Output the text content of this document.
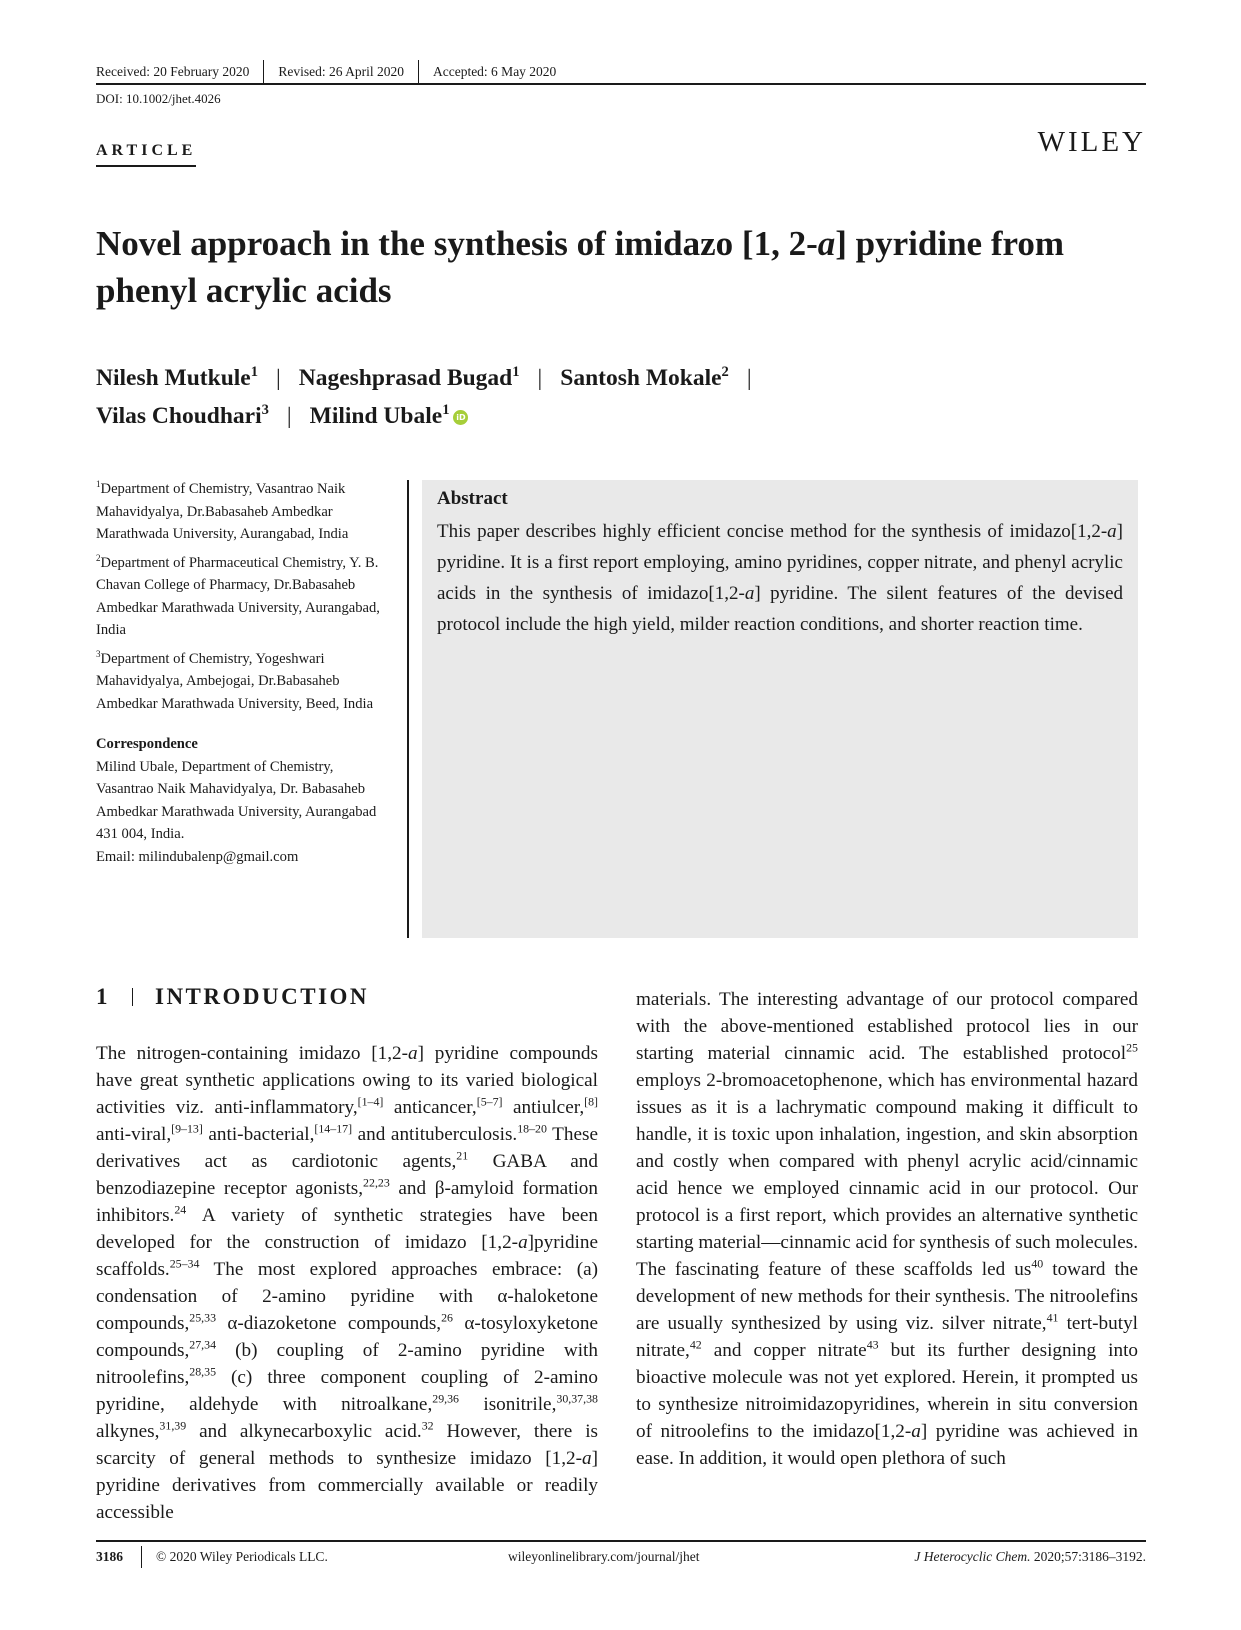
Received: 20 February 2020	Revised: 26 April 2020	Accepted: 6 May 2020
DOI: 10.1002/jhet.4026
ARTICLE	WILEY
Novel approach in the synthesis of imidazo [1, 2-a] pyridine from phenyl acrylic acids
Nilesh Mutkule$^1$ | Nageshprasad Bugad$^1$ | Santosh Mokale$^2$ |
Vilas Choudhari$^3$ | Milind Ubale$^1$ iD

$^1$Department of Chemistry, Vasantrao Naik Mahavidyalya, Dr.Babasaheb Ambedkar Marathwada University, Aurangabad, India

$^2$Department of Pharmaceutical Chemistry, Y. B. Chavan College of Pharmacy, Dr.Babasaheb Ambedkar Marathwada University, Aurangabad, India

$^3$Department of Chemistry, Yogeshwari Mahavidyalya, Ambejogai, Dr.Babasaheb Ambedkar Marathwada University, Beed, India

Correspondence

Milind Ubale, Department of Chemistry, Vasantrao Naik Mahavidyalya, Dr. Babasaheb Ambedkar Marathwada University, Aurangabad 431 004, India.
Email: milindubalenp@gmail.com

Abstract

This paper describes highly efficient concise method for the synthesis of imidazo[1,2-a] pyridine. It is a first report employing, amino pyridines, copper nitrate, and phenyl acrylic acids in the synthesis of imidazo[1,2-a] pyridine. The silent features of the devised protocol include the high yield, milder reaction conditions, and shorter reaction time.

1 INTRODUCTION

The nitrogen-containing imidazo [1,2-a] pyridine compounds have great synthetic applications owing to its varied biological activities viz. anti-inflammatory,[1–4] anticancer,[5–7] antiulcer,[8] anti-viral,[9–13] anti-bacterial,[14–17] and antituberculosis.$^{18-20}$ These derivatives act as cardiotonic agents,$^{21}$ GABA and benzodiazepine receptor agonists,$^{22,23}$ and β-amyloid formation inhibitors.$^{24}$ A variety of synthetic strategies have been developed for the construction of imidazo [1,2-a]pyridine scaffolds.$^{25-34}$ The most explored approaches embrace: (a) condensation of 2-amino pyridine with α-haloketone compounds,$^{25,33}$ α-diazoketone compounds,$^{26}$ α-tosyloxyketone compounds,$^{27,34}$ (b) coupling of 2-amino pyridine with nitroolefins,$^{28,35}$ (c) three component coupling of 2-amino pyridine, aldehyde with nitroalkane,$^{29,36}$ isonitrile,$^{30,37,38}$ alkynes,$^{31,39}$ and alkynecarboxylic acid.$^{32}$ However, there is scarcity of general methods to synthesize imidazo [1,2-a] pyridine derivatives from commercially available or readily accessible

materials. The interesting advantage of our protocol compared with the above-mentioned established protocol lies in our starting material cinnamic acid. The established protocol$^{25}$ employs 2-bromoacetophenone, which has environmental hazard issues as it is a lachrymatic compound making it difficult to handle, it is toxic upon inhalation, ingestion, and skin absorption and costly when compared with phenyl acrylic acid/cinnamic acid hence we employed cinnamic acid in our protocol. Our protocol is a first report, which provides an alternative synthetic starting material—cinnamic acid for synthesis of such molecules. The fascinating feature of these scaffolds led $us^{40}$ toward the development of new methods for their synthesis. The nitroolefins are usually synthesized by using viz. silver nitrate,$^{41}$ tert-butyl nitrate,$^{42}$ and copper nitrate$^{43}$ but its further designing into bioactive molecule was not yet explored. Herein, it prompted us to synthesize nitroimidazopyridines, wherein in situ conversion of nitroolefins to the imidazo[1,2-a] pyridine was achieved in ease. In addition, it would open plethora of such

3186 © 2020 Wiley Periodicals LLC.	wileyonlinelibrary.com/journal/jhet	J Heterocyclic Chem. 2020;57:3186–3192.
